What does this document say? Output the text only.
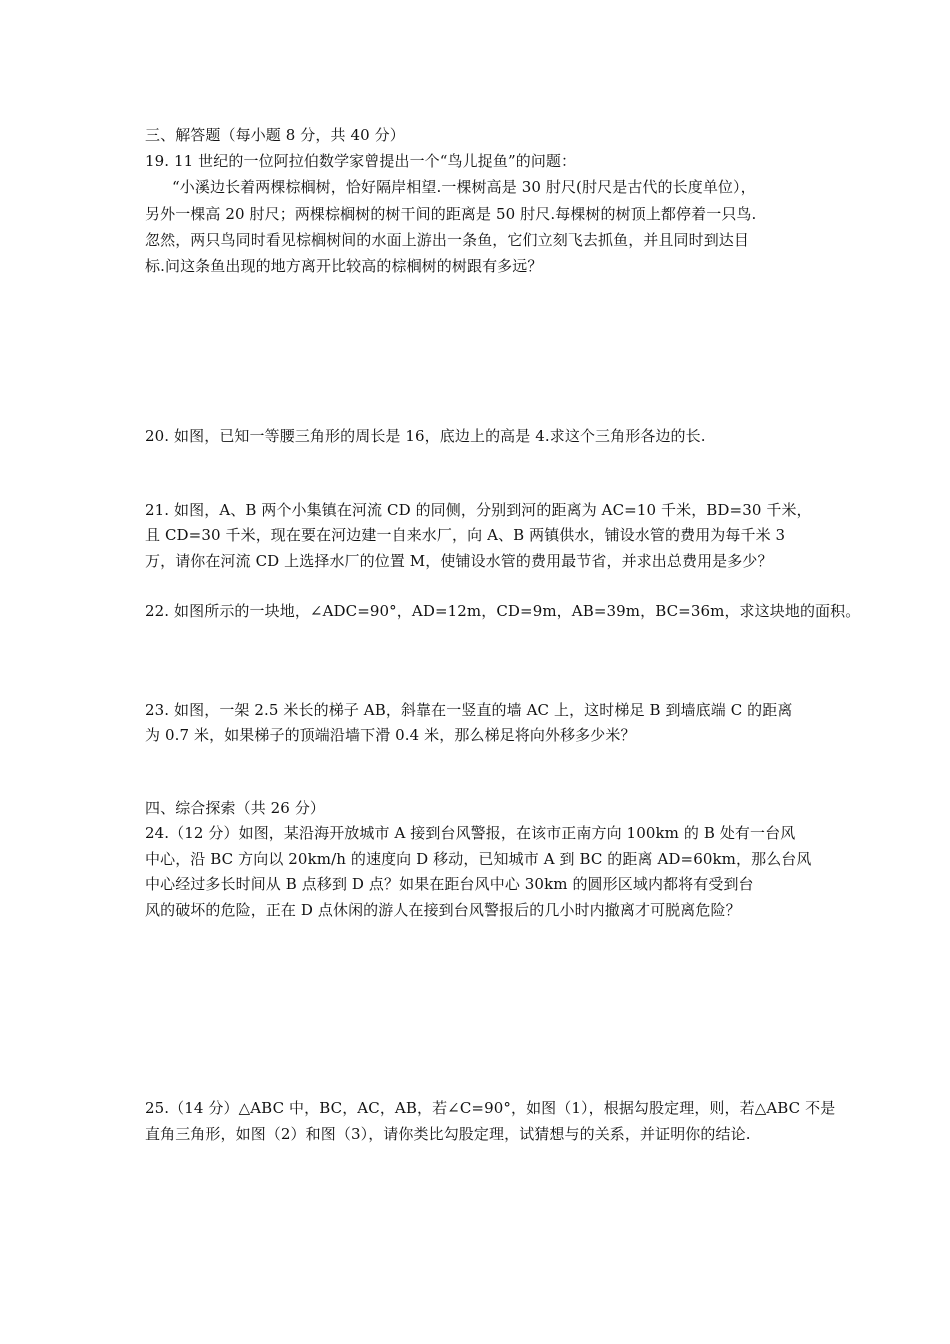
三、解答题（每小题 8 分，共 40 分）
19. 11 世纪的一位阿拉伯数学家曾提出一个“鸟儿捉鱼”的问题：
“小溪边长着两棵棕榈树，恰好隔岸相望.一棵树高是 30 肘尺(肘尺是古代的长度单位），
另外一棵高 20 肘尺；两棵棕榈树的树干间的距离是 50 肘尺.每棵树的树顶上都停着一只鸟.
忽然，两只鸟同时看见棕榈树间的水面上游出一条鱼，它们立刻飞去抓鱼，并且同时到达目
标.问这条鱼出现的地方离开比较高的棕榈树的树跟有多远？
20. 如图，已知一等腰三角形的周长是 16，底边上的高是 4.求这个三角形各边的长.
21. 如图，A、B 两个小集镇在河流 CD 的同侧，分别到河的距离为 AC=10 千米，BD=30 千米，
且 CD=30 千米，现在要在河边建一自来水厂，向 A、B 两镇供水，铺设水管的费用为每千米 3
万，请你在河流 CD 上选择水厂的位置 M，使铺设水管的费用最节省，并求出总费用是多少？
22. 如图所示的一块地，∠ADC=90°，AD=12m，CD=9m，AB=39m，BC=36m，求这块地的面积。
23. 如图，一架 2.5 米长的梯子 AB，斜靠在一竖直的墙 AC 上，这时梯足 B 到墙底端 C 的距离
为 0.7 米，如果梯子的顶端沿墙下滑 0.4 米，那么梯足将向外移多少米？
四、综合探索（共 26 分）
24.（12 分）如图，某沿海开放城市 A 接到台风警报，在该市正南方向 100km 的 B 处有一台风
中心，沿 BC 方向以 20km/h 的速度向 D 移动，已知城市 A 到 BC 的距离 AD=60km，那么台风
中心经过多长时间从 B 点移到 D 点？如果在距台风中心 30km 的圆形区域内都将有受到台
风的破坏的危险，正在 D 点休闲的游人在接到台风警报后的几小时内撤离才可脱离危险？
25.（14 分）△ABC 中，BC，AC，AB，若∠C=90°，如图（1），根据勾股定理，则，若△ABC 不是
直角三角形，如图（2）和图（3），请你类比勾股定理，试猜想与的关系，并证明你的结论.
